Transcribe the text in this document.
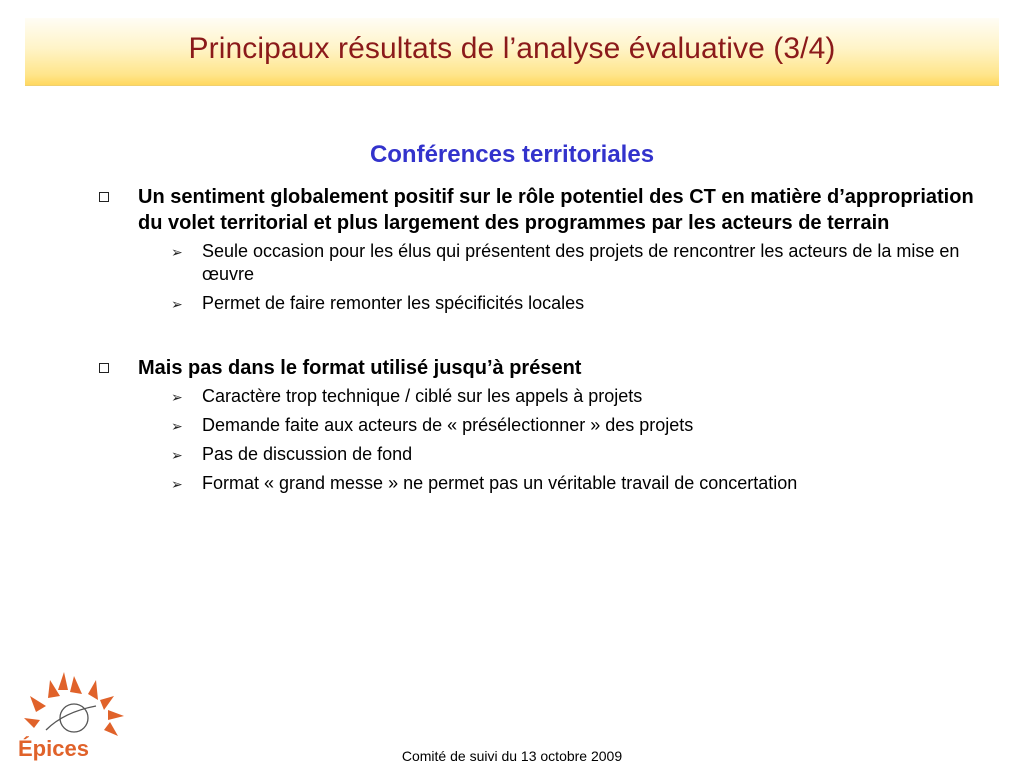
Principaux résultats de l’analyse évaluative (3/4)
Conférences territoriales

Un sentiment globalement positif sur le rôle potentiel des CT en matière d’appropriation du volet territorial et plus largement des programmes par les acteurs de terrain

➢ Seule occasion pour les élus qui présentent des projets de rencontrer les acteurs de la mise en œuvre
➢ Permet de faire remonter les spécificités locales

Mais pas dans le format utilisé jusqu’à présent

➢ Caractère trop technique / ciblé sur les appels à projets
➢ Demande faite aux acteurs de « présélectionner » des projets
➢ Pas de discussion de fond
➢ Format « grand messe » ne permet pas un véritable travail de concertation
Épices	Comité de suivi du 13 octobre 2009
